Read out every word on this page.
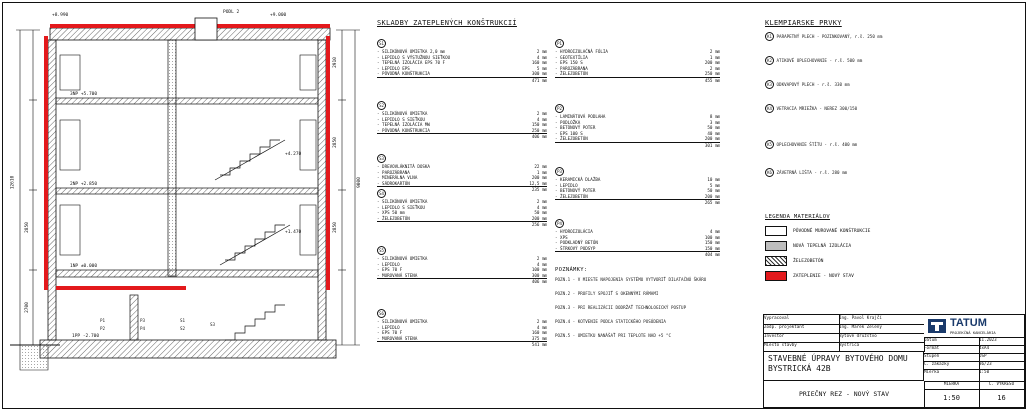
+8.990	+9.000
3NP +5.700
2NP +2.850
1NP ±0.000
1PP -2.700
+4.270
+1.470
PODL 2
12610	9000
2910
2850
2850
2850
2700
P1
P2
P3
P4
S1
S2
S3
SKLADBY ZATEPLENÝCH KONŠTRUKCIÍ
S1
- SILIKÓNOVÁ OMIETKA 2,0 mm	2 mm
- LEPIDLO S VÝSTUŽNOU SIEŤKOU	4 mm
- TEPELNÁ IZOLÁCIA EPS 70 F	160 mm
- LEPIDLO EPS	5 mm
- PÔVODNÁ KONŠTRUKCIA	300 mm
471 mm
S2
- SILIKÓNOVÁ OMIETKA	2 mm
- LEPIDLO S SIEŤKOU	4 mm
- TEPELNÁ IZOLÁCIA MW	150 mm
- PÔVODNÁ KONŠTRUKCIA	250 mm
406 mm
S3
- DREVOVLÁKNITÁ DOSKA	22 mm
- PAROZÁBRANA	1 mm
- MINERÁLNA VLNA	200 mm
- SÁDROKARTÓN	12,5 mm
235 mm
S4
- SILIKÓNOVÁ OMIETKA	2 mm
- LEPIDLO S SIEŤKOU	4 mm
- XPS 50 mm	50 mm
- ŽELEZOBETÓN	200 mm
256 mm
S5
- SILIKÓNOVÁ OMIETKA	2 mm
- LEPIDLO	4 mm
- EPS 70 F	100 mm
- MUROVANÁ STENA	300 mm
406 mm
S6
- SILIKÓNOVÁ OMIETKA	2 mm
- LEPIDLO	4 mm
- EPS 70 F	160 mm
- MUROVANÁ STENA	375 mm
541 mm
P1
- HYDROIZOLAČNÁ FÓLIA	2 mm
- GEOTEXTÍLIA	1 mm
- EPS 150 S	200 mm
- PAROZÁBRANA	2 mm
- ŽELEZOBETÓN	250 mm
455 mm
P2
- LAMINÁTOVÁ PODLAHA	8 mm
- PODLOŽKA	3 mm
- BETÓNOVÝ POTER	50 mm
- EPS 100 S	40 mm
- ŽELEZOBETÓN	200 mm
301 mm
P3
- KERAMICKÁ DLAŽBA	10 mm
- LEPIDLO	5 mm
- BETÓNOVÝ POTER	50 mm
- ŽELEZOBETÓN	200 mm
265 mm
P4
- HYDROIZOLÁCIA	4 mm
- XPS	100 mm
- PODKLADNÝ BETÓN	150 mm
- ŠTRKOVÝ PODSYP	150 mm
404 mm
POZNÁMKY:
POZN.1 - V MIESTE NAPOJENIA SYSTÉMU VYTVORIŤ DILATAČNÚ ŠKÁRU
POZN.2 - PROFILY SPOJIŤ S OKENNÝMI RÁMAMI
POZN.3 - PRI REALIZÁCII DODRŽAŤ TECHNOLOGICKÝ POSTUP
POZN.4 - KOTVENIE PODĽA STATICKÉHO POSÚDENIA
POZN.5 - OMIETKU NANÁŠAŤ PRI TEPLOTE NAD +5 °C
KLEMPIARSKE PRVKY
K1 PARAPETNÝ PLECH - POZINKOVANÝ, r.š. 250 mm
K2 ATIKOVÉ OPLECHOVANIE - r.š. 500 mm
K3 ODKVAPOVÝ PLECH - r.š. 330 mm
K4 VETRACIA MRIEŽKA - NEREZ 300/150
K5 OPLECHOVANIE ŠTÍTU - r.š. 400 mm
K6 ZÁVETRNÁ LIŠTA - r.š. 280 mm
LEGENDA MATERIÁLOV
PÔVODNÉ MUROVANÉ KONŠTRUKCIE
NOVÁ TEPELNÁ IZOLÁCIA
ŽELEZOBETÓN
ZATEPLENIE - NOVÝ STAV
Vypracoval	Ing. Pavol Krajčí
Zodp. projektant	Ing. Marek Zelený
Investor	Bytové družstvo
Miesto stavby	Bystrica
STAVEBNÉ ÚPRAVY BYTOVÉHO DOMU
BYSTRICKÁ 42B
PRIEČNY REZ - NOVÝ STAV
TATUM
PROJEKČNÁ KANCELÁRIA
Dátum	11.2023
Formát	4xA4
Stupeň	DSP
Č. zákazky	36/23
Mierka	1:50
MIERKA	Č. VÝKRESU
1:50	16
